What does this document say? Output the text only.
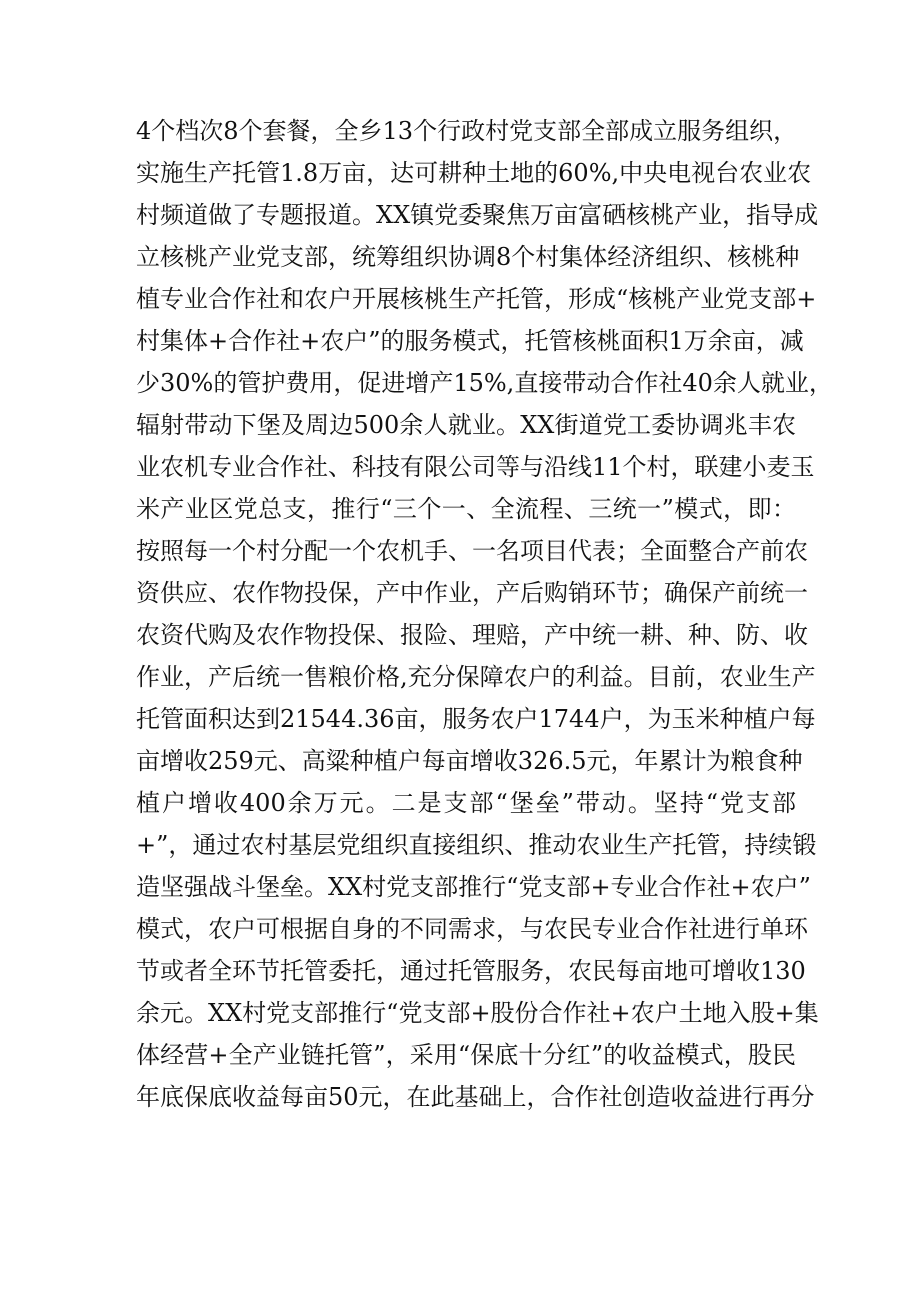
4个档次8个套餐，全乡13个行政村党支部全部成立服务组织，
实施生产托管1.8万亩，达可耕种土地的60%,中央电视台农业农
村频道做了专题报道。XX镇党委聚焦万亩富硒核桃产业，指导成
立核桃产业党支部，统筹组织协调8个村集体经济组织、核桃种
植专业合作社和农户开展核桃生产托管，形成“核桃产业党支部+
村集体+合作社+农户”的服务模式，托管核桃面积1万余亩，减
少30%的管护费用，促进增产15%,直接带动合作社40余人就业，
辐射带动下堡及周边500余人就业。XX街道党工委协调兆丰农
业农机专业合作社、科技有限公司等与沿线11个村，联建小麦玉
米产业区党总支，推行“三个一、全流程、三统一”模式，即：
按照每一个村分配一个农机手、一名项目代表；全面整合产前农
资供应、农作物投保，产中作业，产后购销环节；确保产前统一
农资代购及农作物投保、报险、理赔，产中统一耕、种、防、收
作业，产后统一售粮价格,充分保障农户的利益。目前，农业生产
托管面积达到21544.36亩，服务农户1744户，为玉米种植户每
亩增收259元、高粱种植户每亩增收326.5元，年累计为粮食种
植户增收400余万元。二是支部“堡垒”带动。坚持“党支部
+”，通过农村基层党组织直接组织、推动农业生产托管，持续锻
造坚强战斗堡垒。XX村党支部推行“党支部+专业合作社+农户”
模式，农户可根据自身的不同需求，与农民专业合作社进行单环
节或者全环节托管委托，通过托管服务，农民每亩地可增收130
余元。XX村党支部推行“党支部+股份合作社+农户土地入股+集
体经营+全产业链托管”，采用“保底十分红”的收益模式，股民
年底保底收益每亩50元，在此基础上，合作社创造收益进行再分
